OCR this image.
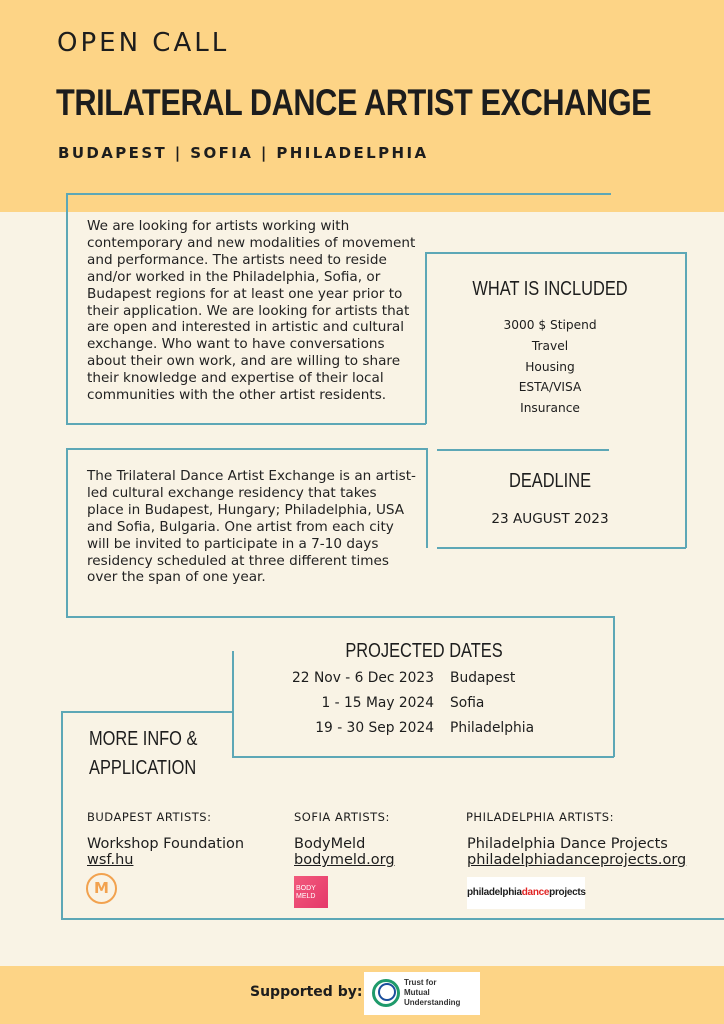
OPEN CALL
TRILATERAL DANCE ARTIST EXCHANGE
BUDAPEST | SOFIA | PHILADELPHIA
We are looking for artists working with contemporary and new modalities of movement and performance. The artists need to reside and/or worked in the Philadelphia, Sofia, or Budapest regions for at least one year prior to their application. We are looking for artists that are open and interested in artistic and cultural exchange. Who want to have conversations about their own work, and are willing to share their knowledge and expertise of their local communities with the other artist residents.
The Trilateral Dance Artist Exchange is an artist-led cultural exchange residency that takes place in Budapest, Hungary; Philadelphia, USA and Sofia, Bulgaria. One artist from each city will be invited to participate in a 7-10 days residency scheduled at three different times over the span of one year.
WHAT IS INCLUDED
3000 $ Stipend
Travel
Housing
ESTA/VISA
Insurance
DEADLINE
23 AUGUST 2023
PROJECTED DATES
22 Nov - 6 Dec 2023 Budapest
1 - 15 May 2024 Sofia
19 - 30 Sep 2024 Philadelphia
MORE INFO &
APPLICATION
BUDAPEST ARTISTS:
Workshop Foundation
wsf.hu
M
SOFIA ARTISTS:
BodyMeld
bodymeld.org
BODY MELD
PHILADELPHIA ARTISTS:
Philadelphia Dance Projects
philadelphiadanceprojects.org
philadelphiadanceprojects
Supported by:
Trust for
Mutual
Understanding
